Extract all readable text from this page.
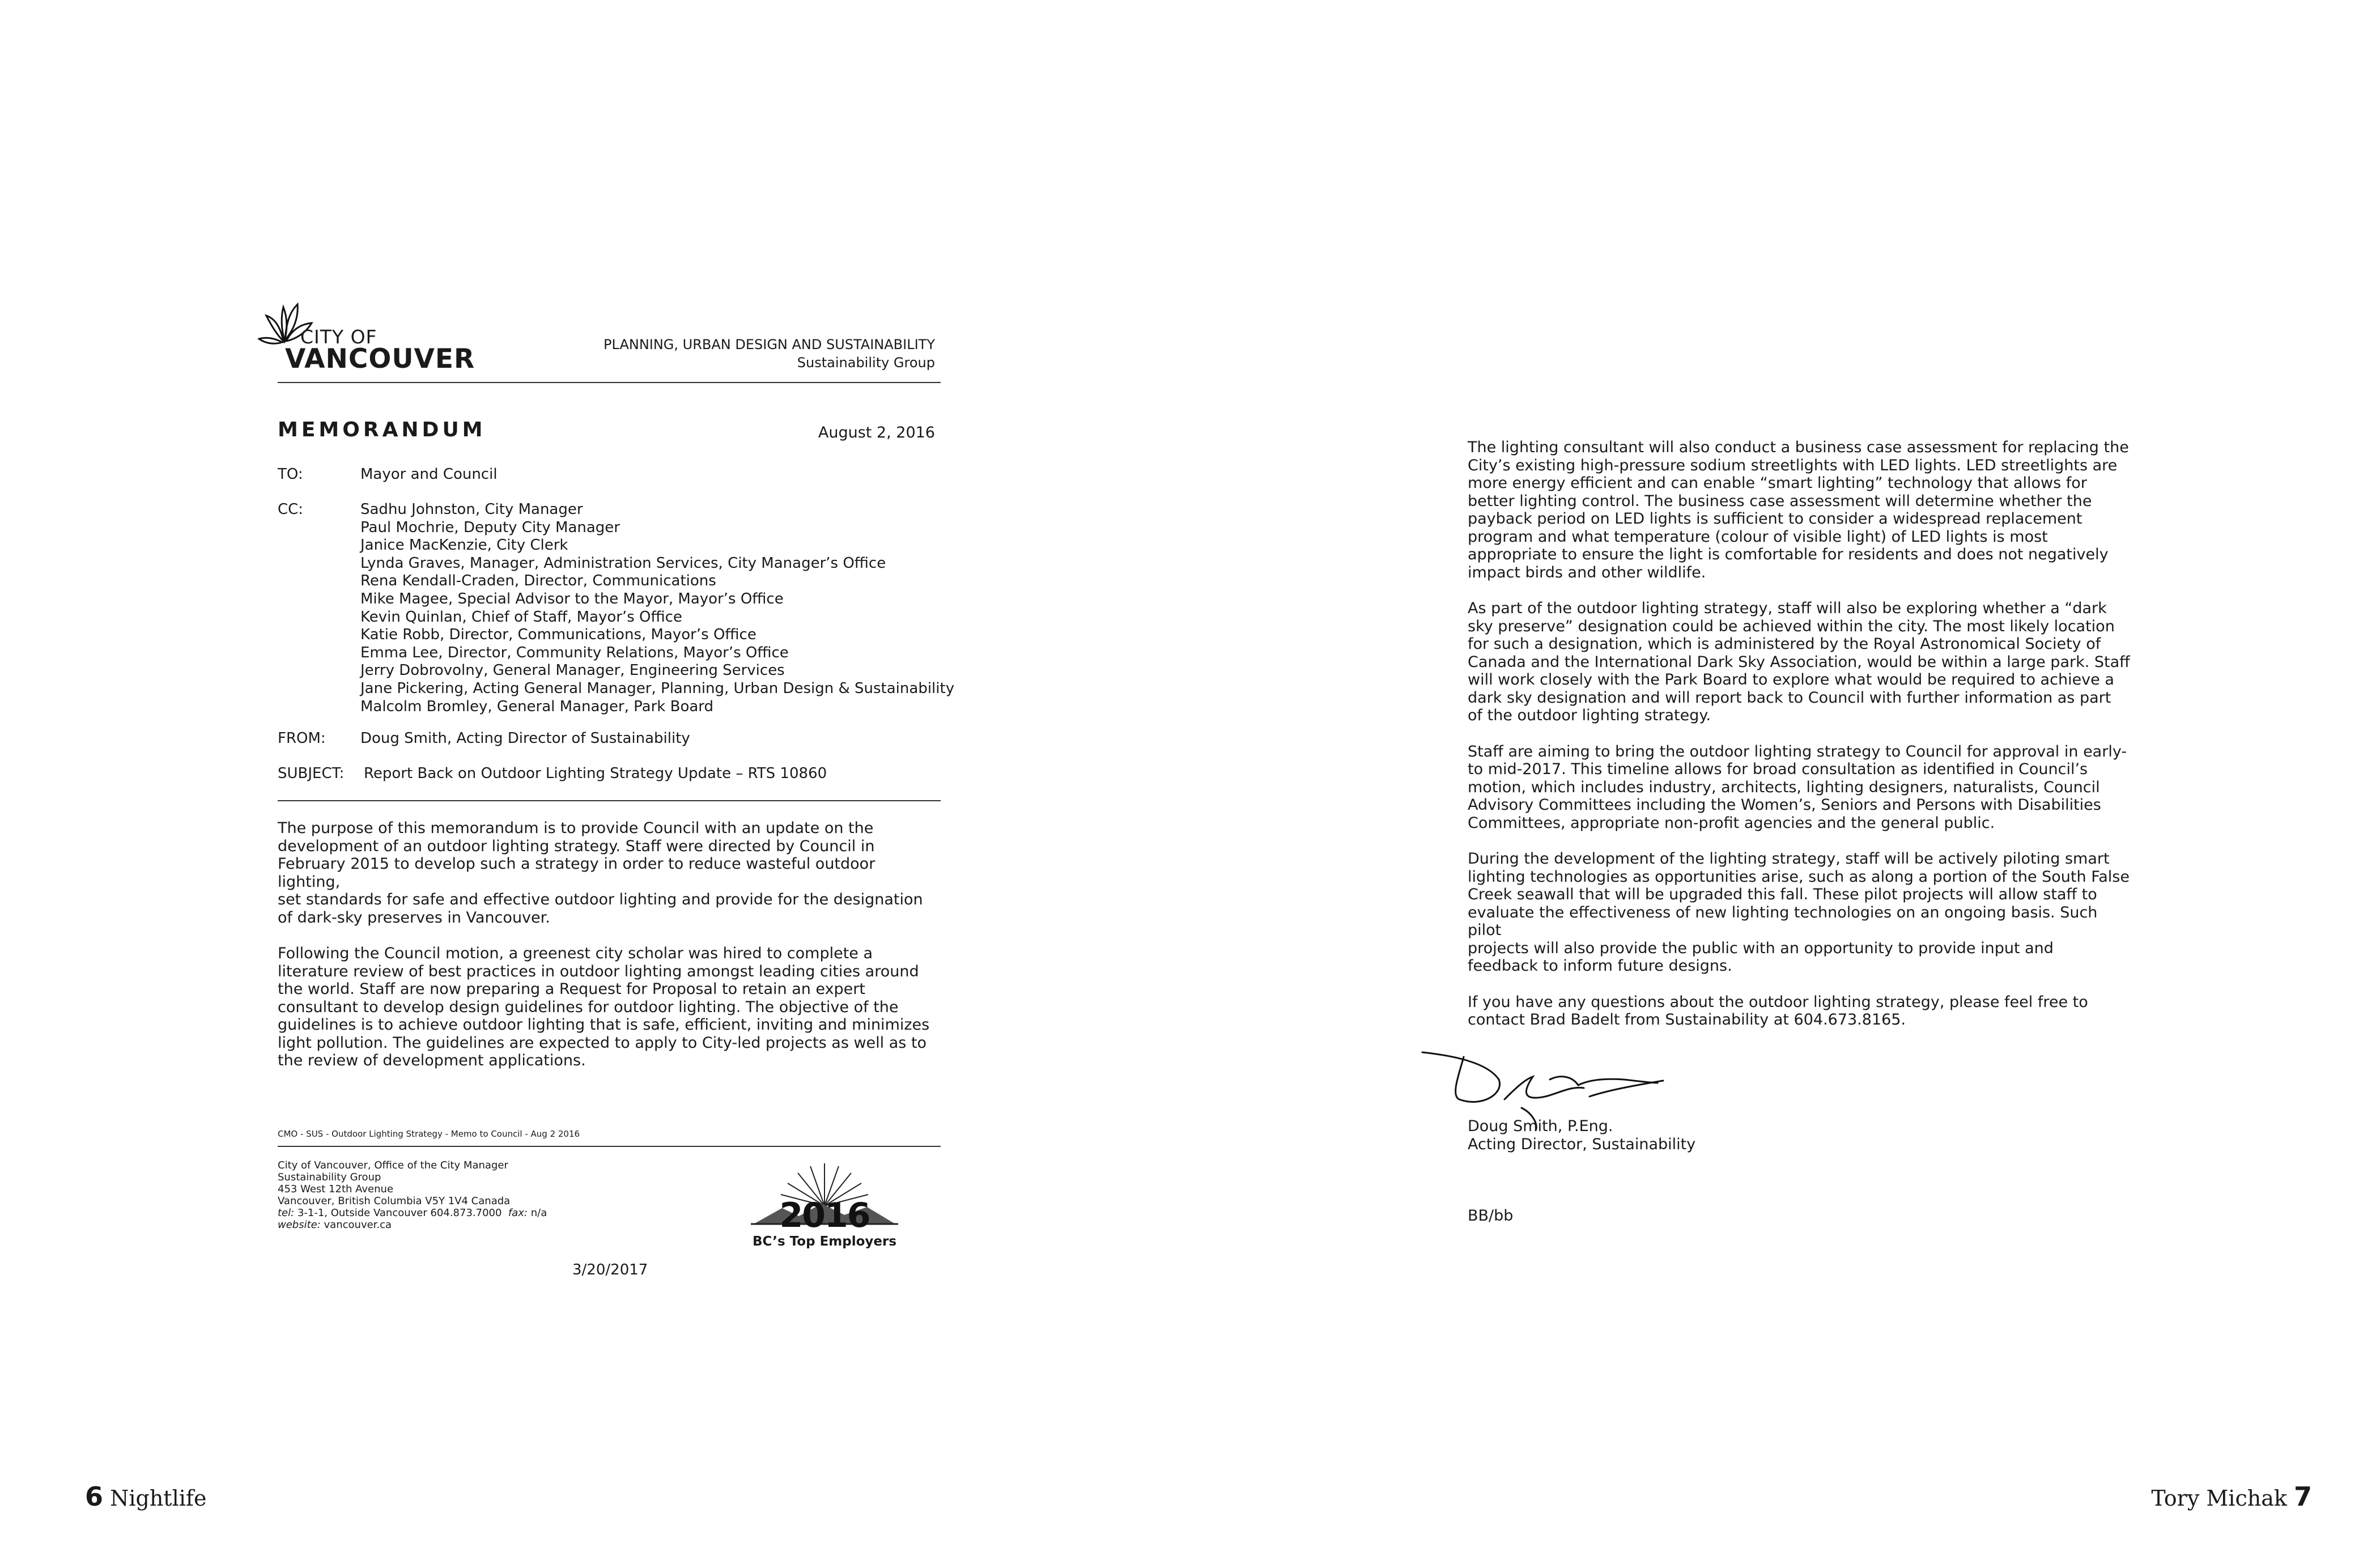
CITY OF
VANCOUVER	PLANNING, URBAN DESIGN AND SUSTAINABILITY
Sustainability Group
MEMORANDUM	August 2, 2016
TO:	Mayor and Council
CC:	Sadhu Johnston, City Manager
Paul Mochrie, Deputy City Manager
Janice MacKenzie, City Clerk
Lynda Graves, Manager, Administration Services, City Manager’s Office
Rena Kendall-Craden, Director, Communications
Mike Magee, Special Advisor to the Mayor, Mayor’s Office
Kevin Quinlan, Chief of Staff, Mayor’s Office
Katie Robb, Director, Communications, Mayor’s Office
Emma Lee, Director, Community Relations, Mayor’s Office
Jerry Dobrovolny, General Manager, Engineering Services
Jane Pickering, Acting General Manager, Planning, Urban Design & Sustainability
Malcolm Bromley, General Manager, Park Board
FROM: Doug Smith, Acting Director of Sustainability
SUBJECT: Report Back on Outdoor Lighting Strategy Update – RTS 10860

The purpose of this memorandum is to provide Council with an update on the
development of an outdoor lighting strategy. Staff were directed by Council in
February 2015 to develop such a strategy in order to reduce wasteful outdoor lighting,
set standards for safe and effective outdoor lighting and provide for the designation
of dark-sky preserves in Vancouver.

Following the Council motion, a greenest city scholar was hired to complete a
literature review of best practices in outdoor lighting amongst leading cities around
the world. Staff are now preparing a Request for Proposal to retain an expert
consultant to develop design guidelines for outdoor lighting. The objective of the
guidelines is to achieve outdoor lighting that is safe, efficient, inviting and minimizes
light pollution. The guidelines are expected to apply to City-led projects as well as to
the review of development applications.

CMO - SUS - Outdoor Lighting Strategy - Memo to Council - Aug 2 2016
City of Vancouver, Office of the City Manager
Sustainability Group
453 West 12th Avenue
Vancouver, British Columbia V5Y 1V4 Canada
tel: 3-1-1, Outside Vancouver 604.873.7000 fax: n/a
website: vancouver.ca	2016
BC’s Top Employers
3/20/2017

The lighting consultant will also conduct a business case assessment for replacing the
City’s existing high-pressure sodium streetlights with LED lights. LED streetlights are
more energy efficient and can enable “smart lighting” technology that allows for
better lighting control. The business case assessment will determine whether the
payback period on LED lights is sufficient to consider a widespread replacement
program and what temperature (colour of visible light) of LED lights is most
appropriate to ensure the light is comfortable for residents and does not negatively
impact birds and other wildlife.

As part of the outdoor lighting strategy, staff will also be exploring whether a “dark
sky preserve” designation could be achieved within the city. The most likely location
for such a designation, which is administered by the Royal Astronomical Society of
Canada and the International Dark Sky Association, would be within a large park. Staff
will work closely with the Park Board to explore what would be required to achieve a
dark sky designation and will report back to Council with further information as part
of the outdoor lighting strategy.

Staff are aiming to bring the outdoor lighting strategy to Council for approval in early-
to mid-2017. This timeline allows for broad consultation as identified in Council’s
motion, which includes industry, architects, lighting designers, naturalists, Council
Advisory Committees including the Women’s, Seniors and Persons with Disabilities
Committees, appropriate non-profit agencies and the general public.

During the development of the lighting strategy, staff will be actively piloting smart
lighting technologies as opportunities arise, such as along a portion of the South False
Creek seawall that will be upgraded this fall. These pilot projects will allow staff to
evaluate the effectiveness of new lighting technologies on an ongoing basis. Such pilot
projects will also provide the public with an opportunity to provide input and
feedback to inform future designs.

If you have any questions about the outdoor lighting strategy, please feel free to
contact Brad Badelt from Sustainability at 604.673.8165.

Doug Smith, P.Eng.
Acting Director, Sustainability
BB/bb
6 Nightlife	Tory Michak 7
